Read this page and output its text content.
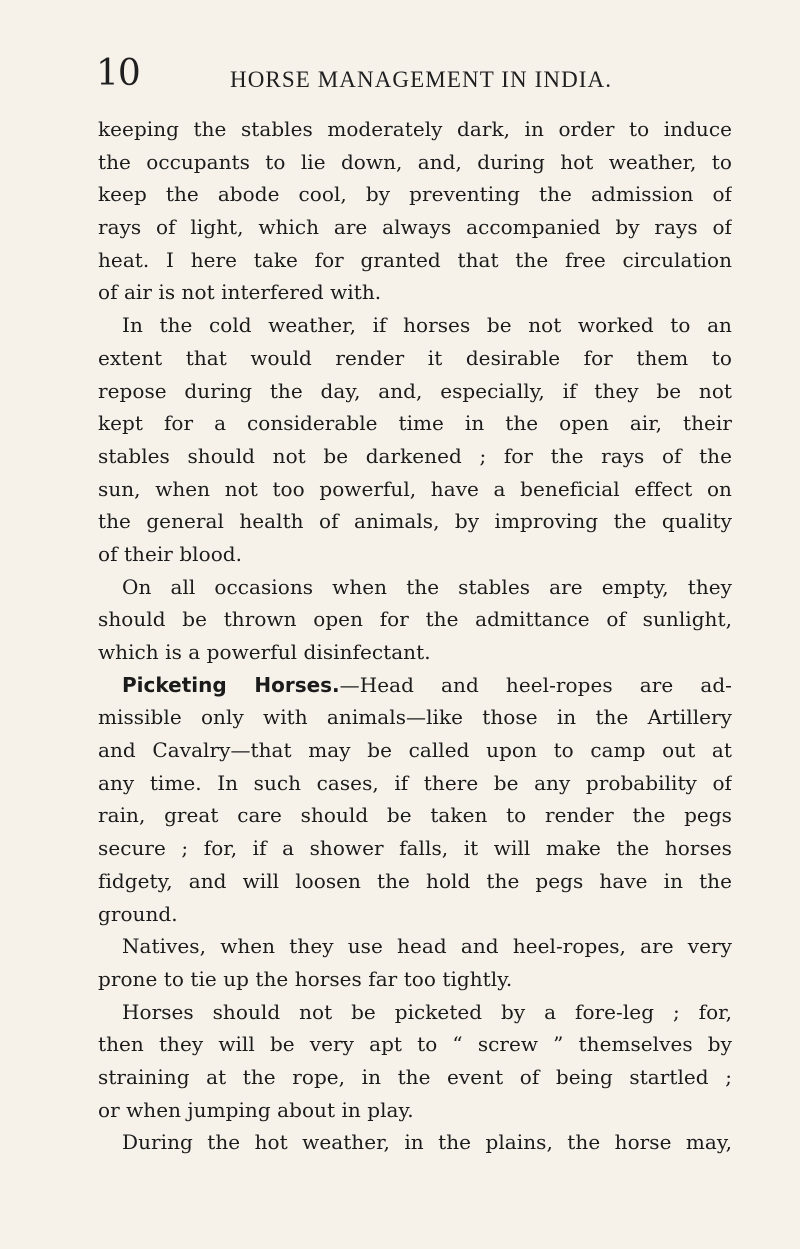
10	HORSE MANAGEMENT IN INDIA.
keeping the stables moderately dark, in order to induce
the occupants to lie down, and, during hot weather, to
keep the abode cool, by preventing the admission of
rays of light, which are always accompanied by rays of
heat. I here take for granted that the free circulation
of air is not interfered with.
In the cold weather, if horses be not worked to an
extent that would render it desirable for them to
repose during the day, and, especially, if they be not
kept for a considerable time in the open air, their
stables should not be darkened ; for the rays of the
sun, when not too powerful, have a beneficial effect on
the general health of animals, by improving the quality
of their blood.
On all occasions when the stables are empty, they
should be thrown open for the admittance of sunlight,
which is a powerful disinfectant.
Picketing Horses.—Head and heel-ropes are ad-
missible only with animals—like those in the Artillery
and Cavalry—that may be called upon to camp out at
any time. In such cases, if there be any probability of
rain, great care should be taken to render the pegs
secure ; for, if a shower falls, it will make the horses
fidgety, and will loosen the hold the pegs have in the
ground.
Natives, when they use head and heel-ropes, are very
prone to tie up the horses far too tightly.
Horses should not be picketed by a fore-leg ; for,
then they will be very apt to “ screw ” themselves by
straining at the rope, in the event of being startled ;
or when jumping about in play.
During the hot weather, in the plains, the horse may,
